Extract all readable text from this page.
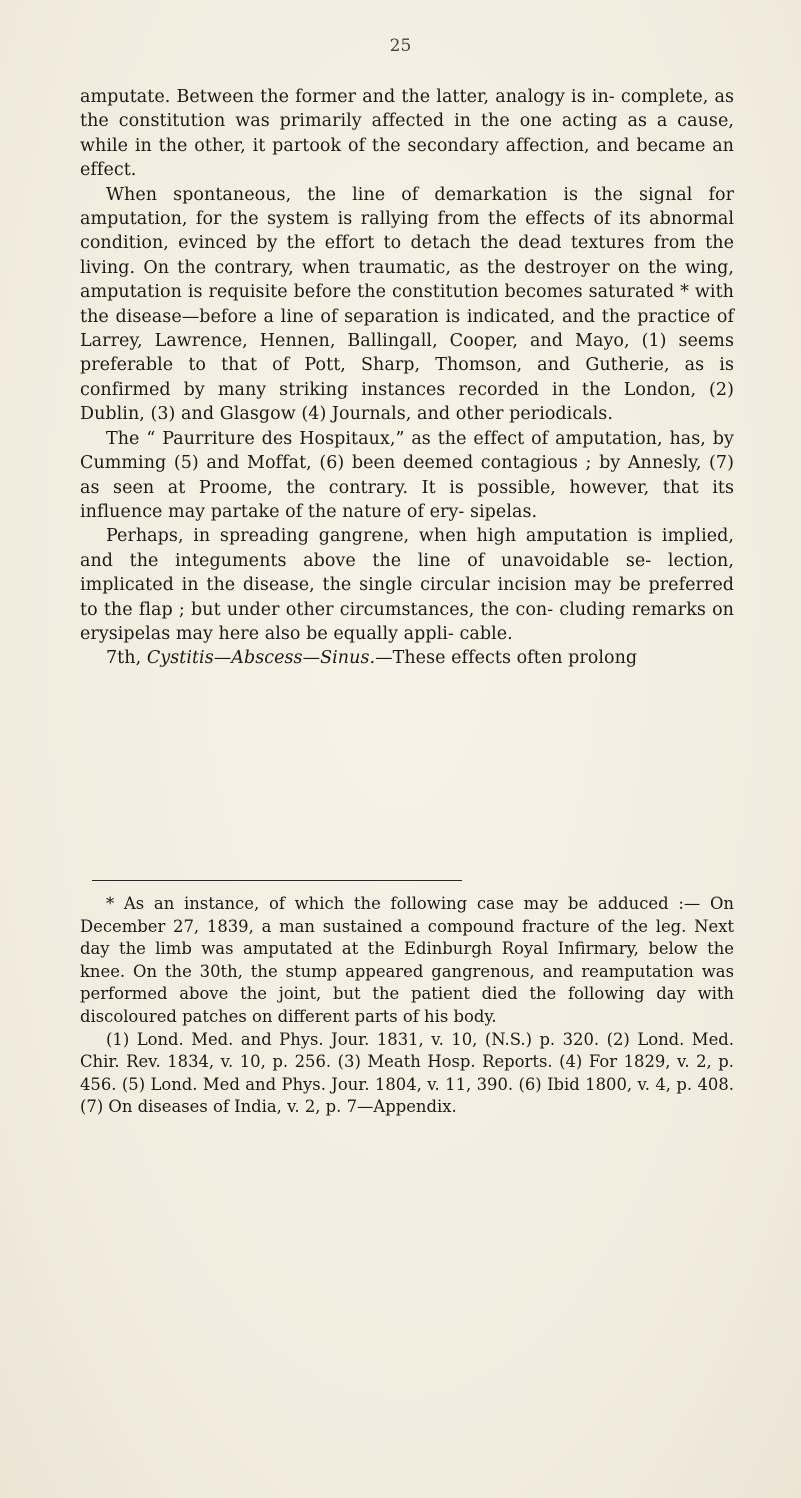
25

amputate. Between the former and the latter, analogy is in- complete, as the constitution was primarily affected in the one acting as a cause, while in the other, it partook of the secondary affection, and became an effect.

When spontaneous, the line of demarkation is the signal for amputation, for the system is rallying from the effects of its abnormal condition, evinced by the effort to detach the dead textures from the living. On the contrary, when traumatic, as the destroyer on the wing, amputation is requisite before the constitution becomes saturated * with the disease—before a line of separation is indicated, and the practice of Larrey, Lawrence, Hennen, Ballingall, Cooper, and Mayo, (1) seems preferable to that of Pott, Sharp, Thomson, and Gutherie, as is confirmed by many striking instances recorded in the London, (2) Dublin, (3) and Glasgow (4) Journals, and other periodicals.

The “ Paurriture des Hospitaux,” as the effect of amputation, has, by Cumming (5) and Moffat, (6) been deemed contagious ; by Annesly, (7) as seen at Proome, the contrary. It is possible, however, that its influence may partake of the nature of ery- sipelas.

Perhaps, in spreading gangrene, when high amputation is implied, and the integuments above the line of unavoidable se- lection, implicated in the disease, the single circular incision may be preferred to the flap ; but under other circumstances, the con- cluding remarks on erysipelas may here also be equally appli- cable.

7th, Cystitis—Abscess—Sinus.—These effects often prolong

* As an instance, of which the following case may be adduced :— On December 27, 1839, a man sustained a compound fracture of the leg. Next day the limb was amputated at the Edinburgh Royal Infirmary, below the knee. On the 30th, the stump appeared gangrenous, and reamputation was performed above the joint, but the patient died the following day with discoloured patches on different parts of his body.

(1) Lond. Med. and Phys. Jour. 1831, v. 10, (N.S.) p. 320. (2) Lond. Med. Chir. Rev. 1834, v. 10, p. 256. (3) Meath Hosp. Reports. (4) For 1829, v. 2, p. 456. (5) Lond. Med and Phys. Jour. 1804, v. 11, 390. (6) Ibid 1800, v. 4, p. 408. (7) On diseases of India, v. 2, p. 7—Appendix.
